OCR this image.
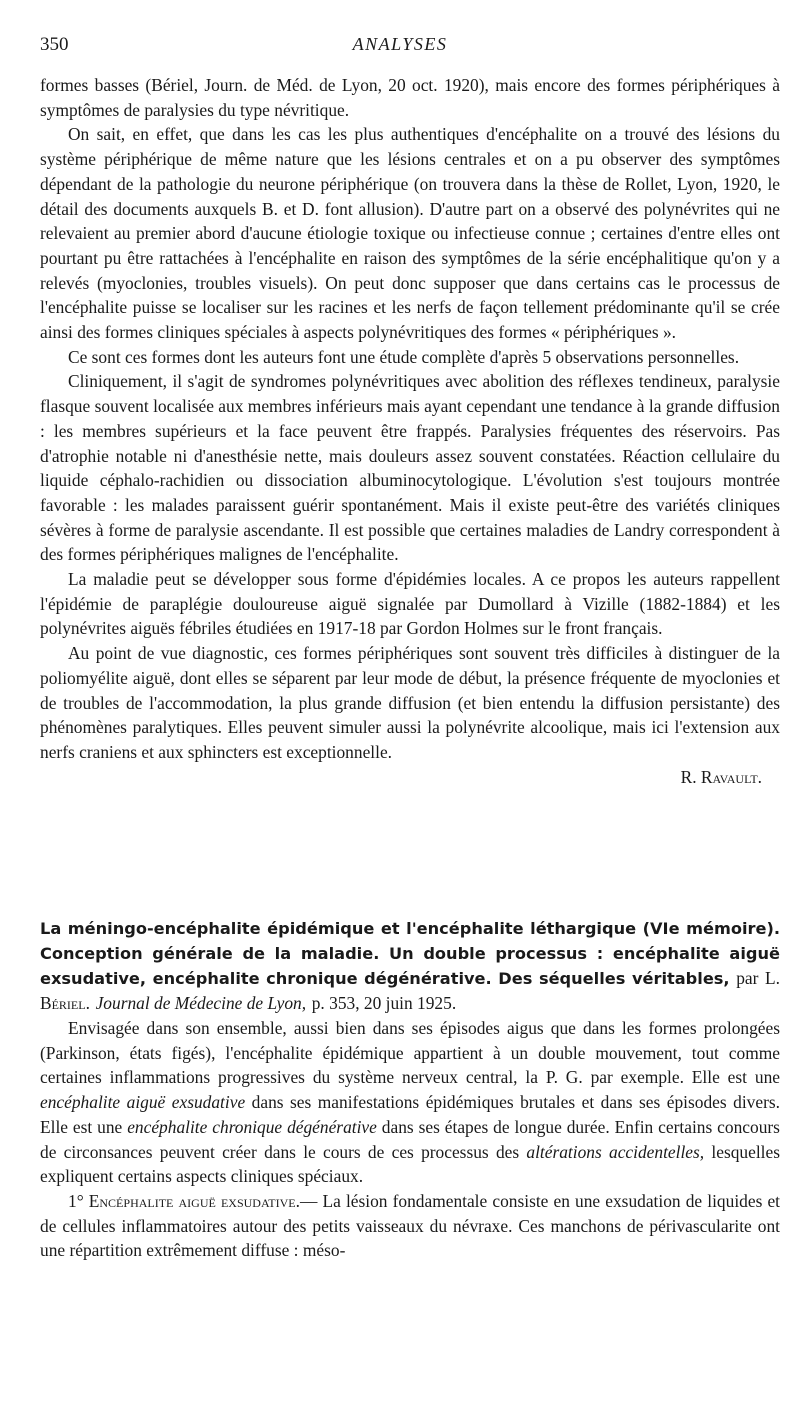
350	ANALYSES

formes basses (Bériel, Journ. de Méd. de Lyon, 20 oct. 1920), mais encore des formes périphériques à symptômes de paralysies du type névritique.

On sait, en effet, que dans les cas les plus authentiques d'encéphalite on a trouvé des lésions du système périphérique de même nature que les lésions centrales et on a pu observer des symptômes dépendant de la pathologie du neurone périphérique (on trouvera dans la thèse de Rollet, Lyon, 1920, le détail des documents auxquels B. et D. font allusion). D'autre part on a observé des polynévrites qui ne relevaient au premier abord d'aucune étiologie toxique ou infectieuse connue ; certaines d'entre elles ont pourtant pu être rattachées à l'encéphalite en raison des symptômes de la série encéphalitique qu'on y a relevés (myoclonies, troubles visuels). On peut donc supposer que dans certains cas le processus de l'encéphalite puisse se localiser sur les racines et les nerfs de façon tellement prédominante qu'il se crée ainsi des formes cliniques spéciales à aspects polynévritiques des formes « périphériques ».

Ce sont ces formes dont les auteurs font une étude complète d'après 5 observations personnelles.

Cliniquement, il s'agit de syndromes polynévritiques avec abolition des réflexes tendineux, paralysie flasque souvent localisée aux membres inférieurs mais ayant cependant une tendance à la grande diffusion : les membres supérieurs et la face peuvent être frappés. Paralysies fréquentes des réservoirs. Pas d'atrophie notable ni d'anesthésie nette, mais douleurs assez souvent constatées. Réaction cellulaire du liquide céphalo-rachidien ou dissociation albuminocytologique. L'évolution s'est toujours montrée favorable : les malades paraissent guérir spontanément. Mais il existe peut-être des variétés cliniques sévères à forme de paralysie ascendante. Il est possible que certaines maladies de Landry correspondent à des formes périphériques malignes de l'encéphalite.

La maladie peut se développer sous forme d'épidémies locales. A ce propos les auteurs rappellent l'épidémie de paraplégie douloureuse aiguë signalée par Dumollard à Vizille (1882-1884) et les polynévrites aiguës fébriles étudiées en 1917-18 par Gordon Holmes sur le front français.

Au point de vue diagnostic, ces formes périphériques sont souvent très difficiles à distinguer de la poliomyélite aiguë, dont elles se séparent par leur mode de début, la présence fréquente de myoclonies et de troubles de l'accommodation, la plus grande diffusion (et bien entendu la diffusion persistante) des phénomènes paralytiques. Elles peuvent simuler aussi la polynévrite alcoolique, mais ici l'extension aux nerfs craniens et aux sphincters est exceptionnelle.

R. Ravault.

La méningo-encéphalite épidémique et l'encéphalite léthargique (VIe mémoire). Conception générale de la maladie. Un double processus : encéphalite aiguë exsudative, encéphalite chronique dégénérative. Des séquelles véritables, par L. Bériel. Journal de Médecine de Lyon, p. 353, 20 juin 1925.

Envisagée dans son ensemble, aussi bien dans ses épisodes aigus que dans les formes prolongées (Parkinson, états figés), l'encéphalite épidémique appartient à un double mouvement, tout comme certaines inflammations progressives du système nerveux central, la P. G. par exemple. Elle est une encéphalite aiguë exsudative dans ses manifestations épidémiques brutales et dans ses épisodes divers. Elle est une encéphalite chronique dégénérative dans ses étapes de longue durée. Enfin certains concours de circonsances peuvent créer dans le cours de ces processus des altérations accidentelles, lesquelles expliquent certains aspects cliniques spéciaux.

1° Encéphalite aiguë exsudative.— La lésion fondamentale consiste en une exsudation de liquides et de cellules inflammatoires autour des petits vaisseaux du névraxe. Ces manchons de périvascularite ont une répartition extrêmement diffuse : méso-
